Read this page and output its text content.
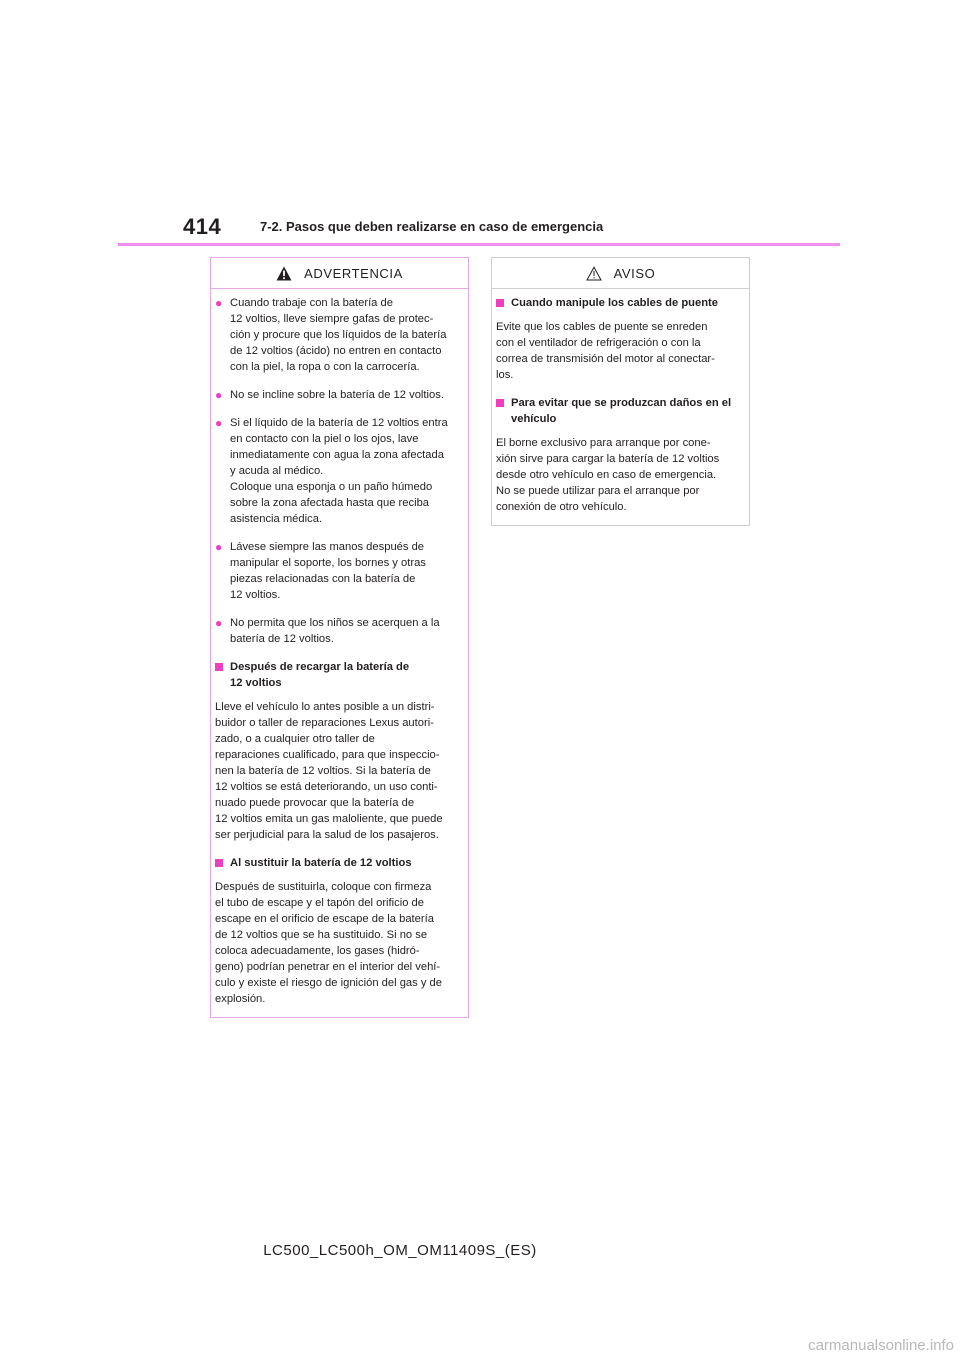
414	7-2. Pasos que deben realizarse en caso de emergencia
ADVERTENCIA
● Cuando trabaje con la batería de
12 voltios, lleve siempre gafas de protec-
ción y procure que los líquidos de la batería
de 12 voltios (ácido) no entren en contacto
con la piel, la ropa o con la carrocería.
● No se incline sobre la batería de 12 voltios.
● Si el líquido de la batería de 12 voltios entra
en contacto con la piel o los ojos, lave
inmediatamente con agua la zona afectada
y acuda al médico.
Coloque una esponja o un paño húmedo
sobre la zona afectada hasta que reciba
asistencia médica.
● Lávese siempre las manos después de
manipular el soporte, los bornes y otras
piezas relacionadas con la batería de
12 voltios.
● No permita que los niños se acerquen a la
batería de 12 voltios.
Después de recargar la batería de
12 voltios
Lleve el vehículo lo antes posible a un distri-
buidor o taller de reparaciones Lexus autori-
zado, o a cualquier otro taller de
reparaciones cualificado, para que inspeccio-
nen la batería de 12 voltios. Si la batería de
12 voltios se está deteriorando, un uso conti-
nuado puede provocar que la batería de
12 voltios emita un gas maloliente, que puede
ser perjudicial para la salud de los pasajeros.
Al sustituir la batería de 12 voltios
Después de sustituirla, coloque con firmeza
el tubo de escape y el tapón del orificio de
escape en el orificio de escape de la batería
de 12 voltios que se ha sustituido. Si no se
coloca adecuadamente, los gases (hidró-
geno) podrían penetrar en el interior del vehí-
culo y existe el riesgo de ignición del gas y de
explosión.
AVISO
Cuando manipule los cables de puente
Evite que los cables de puente se enreden
con el ventilador de refrigeración o con la
correa de transmisión del motor al conectar-
los.
Para evitar que se produzcan daños en el
vehículo
El borne exclusivo para arranque por cone-
xión sirve para cargar la batería de 12 voltios
desde otro vehículo en caso de emergencia.
No se puede utilizar para el arranque por
conexión de otro vehículo.
LC500_LC500h_OM_OM11409S_(ES)
carmanualsonline.info
